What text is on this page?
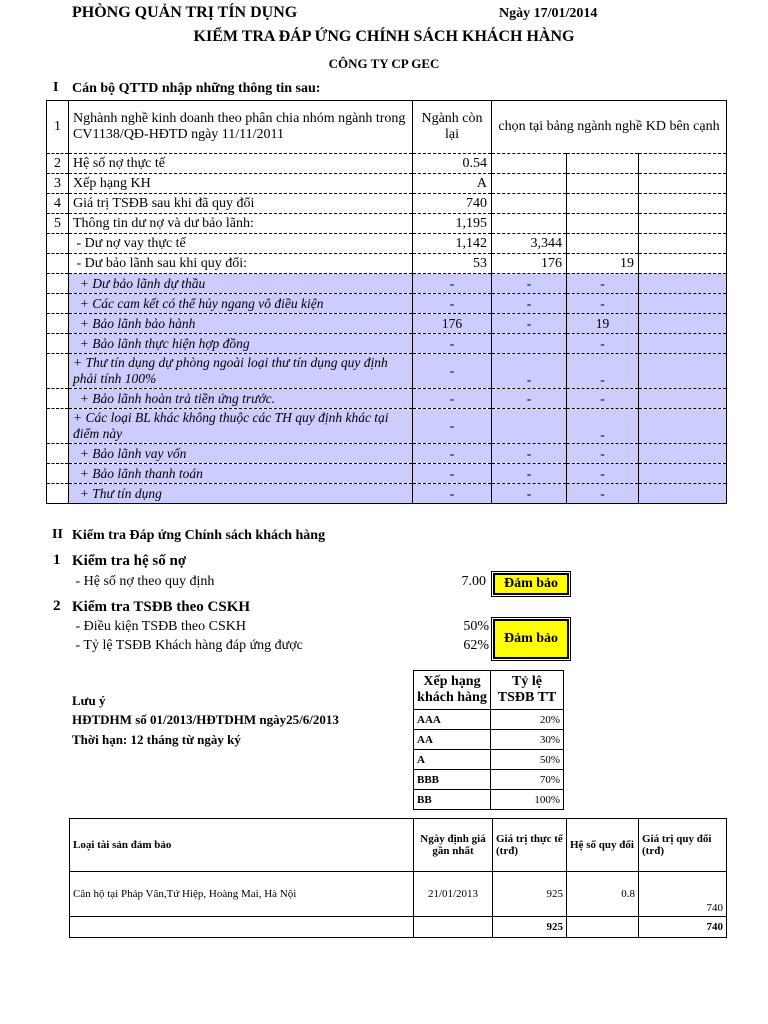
PHÒNG QUẢN TRỊ TÍN DỤNG	Ngày 17/01/2014
KIỂM TRA ĐÁP ỨNG CHÍNH SÁCH KHÁCH HÀNG
CÔNG TY CP GEC
I Cán bộ QTTD nhập những thông tin sau:
1	Nghành nghề kinh doanh theo phân chia nhóm ngành trong CV1138/QĐ-HĐTD ngày 11/11/2011	Ngành còn lại	chọn tại bảng ngành nghề KD bên cạnh		
2	Hệ số nợ thực tế	0.54			
3	Xếp hạng KH	A			
4	Giá trị TSĐB sau khi đã quy đổi	740			
5	Thông tin dư nợ và dư bảo lãnh:	1,195			
	- Dư nợ vay thực tế	1,142	3,344		
	- Dư bảo lãnh sau khi quy đổi:	53	176	19	
	+ Dư bảo lãnh dự thầu	-	-	-	
	+ Các cam kết có thể hủy ngang vô điều kiện	-	-	-	
	+ Bảo lãnh bảo hành	176	-	19	
	+ Bảo lãnh thực hiện hợp đồng	-		-	
	+ Thư tín dụng dự phòng ngoài loại thư tín dụng quy định phải tính 100%	-	-	-	
	+ Bảo lãnh hoàn trả tiền ứng trước.	-	-	-	
	+ Các loại BL khác không thuộc các TH quy định khác tại điểm này	-		-	
	+ Bảo lãnh vay vốn	-	-	-	
	+ Bảo lãnh thanh toán	-	-	-	
	+ Thư tín dụng	-	-	-	
II Kiểm tra Đáp ứng Chính sách khách hàng
1 Kiểm tra hệ số nợ
- Hệ số nợ theo quy định	7.00	Đảm bảo
2 Kiểm tra TSĐB theo CSKH
- Điều kiện TSĐB theo CSKH	50%
- Tỷ lệ TSĐB Khách hàng đáp ứng được	62%	Đảm bảo
Lưu ý
HĐTDHM số 01/2013/HĐTDHM ngày25/6/2013
Thời hạn: 12 tháng từ ngày ký
Xếp hạng
khách hàng	Tỷ lệ
TSĐB TT
AAA	20%
AA	30%
A	50%
BBB	70%
BB	100%
Loại tài sản đảm bảo	Ngày định giá gần nhất	Giá trị thực tế (trđ)	Hệ số quy đổi	Giá trị quy đổi (trđ)
Căn hộ tại Pháp Vân,Tứ Hiệp, Hoàng Mai, Hà Nội	21/01/2013	925	0.8	740
		925		740
